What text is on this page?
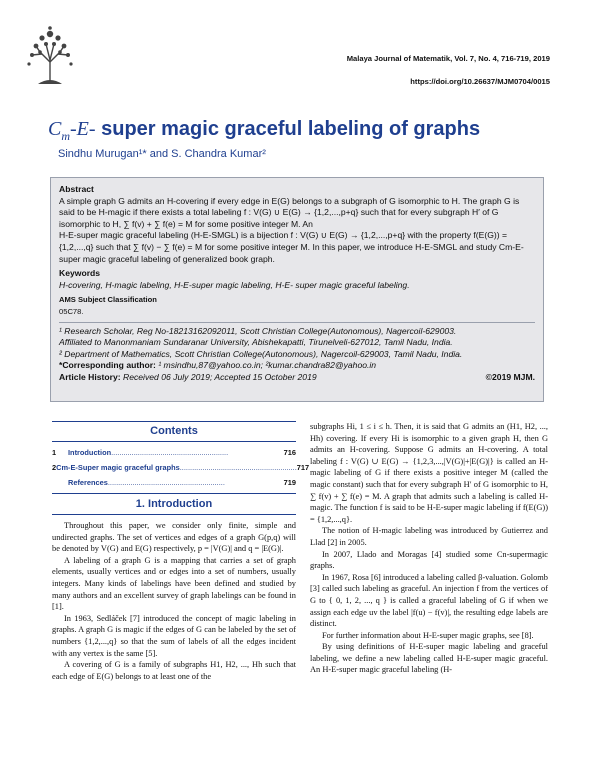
Malaya Journal of Matematik, Vol. 7, No. 4, 716-719, 2019
https://doi.org/10.26637/MJM0704/0015
$C_m-E-$ super magic graceful labeling of graphs
Sindhu Murugan¹* and S. Chandra Kumar²

Abstract

A simple graph G admits an H-covering if every edge in E(G) belongs to a subgraph of G isomorphic to H. The graph G is said to be H-magic if there exists a total labeling f : V(G) ∪ E(G) → {1,2,...,p+q} such that for every subgraph H′ of G isomorphic to H, ∑ f(v) + ∑ f(e) = M for some positive integer M. An

H-E-super magic graceful labeling (H-E-SMGL) is a bijection f : V(G) ∪ E(G) → {1,2,...,p+q} with the property f(E(G)) = {1,2,...,q} such that ∑ f(v) − ∑ f(e) = M for some positive integer M. In this paper, we introduce H-E-SMGL and study Cm-E-super magic graceful labeling of generalized book graph.

Keywords

H-covering, H-magic labeling, H-E-super magic labeling, H-E- super magic graceful labeling.

AMS Subject Classification

05C78.

¹ Research Scholar, Reg No-18213162092011, Scott Christian College(Autonomous), Nagercoil-629003.

Affiliated to Manonmaniam Sundaranar University, Abishekapatti, Tirunelveli-627012, Tamil Nadu, India.

² Department of Mathematics, Scott Christian College(Autonomous), Nagercoil-629003, Tamil Nadu, India.

*Corresponding author: ¹ msindhu,87@yahoo.co.in; ²kumar.chandra82@yahoo.in

Article History: Received 06 July 2019; Accepted 15 October 2019	©2019 MJM.

Contents
1	Introduction .........................................................	716
2 Cm-E-Super magic graceful graphs ......................................................... 717
References .........................................................	719
1. Introduction

Throughout this paper, we consider only finite, simple and undirected graphs. The set of vertices and edges of a graph G(p,q) will be denoted by V(G) and E(G) respectively, p = |V(G)| and q = |E(G)|.

A labeling of a graph G is a mapping that carries a set of graph elements, usually vertices and or edges into a set of numbers, usually integers. Many kinds of labelings have been defined and studied by many authors and an excellent survey of graph labelings can be found in [1].

In 1963, Sedláček [7] introduced the concept of magic labeling in graphs. A graph G is magic if the edges of G can be labeled by the set of numbers {1,2,...,q} so that the sum of labels of all the edges incident with any vertex is the same [5].

A covering of G is a family of subgraphs H1, H2, ..., Hh such that each edge of E(G) belongs to at least one of the

subgraphs Hi, 1 ≤ i ≤ h. Then, it is said that G admits an (H1, H2, ..., Hh) covering. If every Hi is isomorphic to a given graph H, then G admits an H-covering. Suppose G admits an H-covering. A total labeling f : V(G) ∪ E(G) → {1,2,3,...,|V(G)|+|E(G)|} is called an H-magic labeling of G if there exists a positive integer M (called the magic constant) such that for every subgraph H′ of G isomorphic to H, ∑ f(v) + ∑ f(e) = M. A graph that admits such a labeling is called H-magic. The function f is said to be H-E-super magic labeling if f(E(G)) = {1,2,...,q}.

The notion of H-magic labeling was introduced by Gutierrez and Llad [2] in 2005.

In 2007, Llado and Moragas [4] studied some Cn-supermagic graphs.

In 1967, Rosa [6] introduced a labeling called β-valuation. Golomb [3] called such labeling as graceful. An injection f from the vertices of G to { 0, 1, 2, ..., q } is called a graceful labeling of G if when we assign each edge uv the label |f(u) − f(v)|, the resulting edge labels are distinct.

For further information about H-E-super magic graphs, see [8].

By using definitions of H-E-super magic labeling and graceful labeling, we define a new labeling called H-E-super magic graceful. An H-E-super magic graceful labeling (H-
